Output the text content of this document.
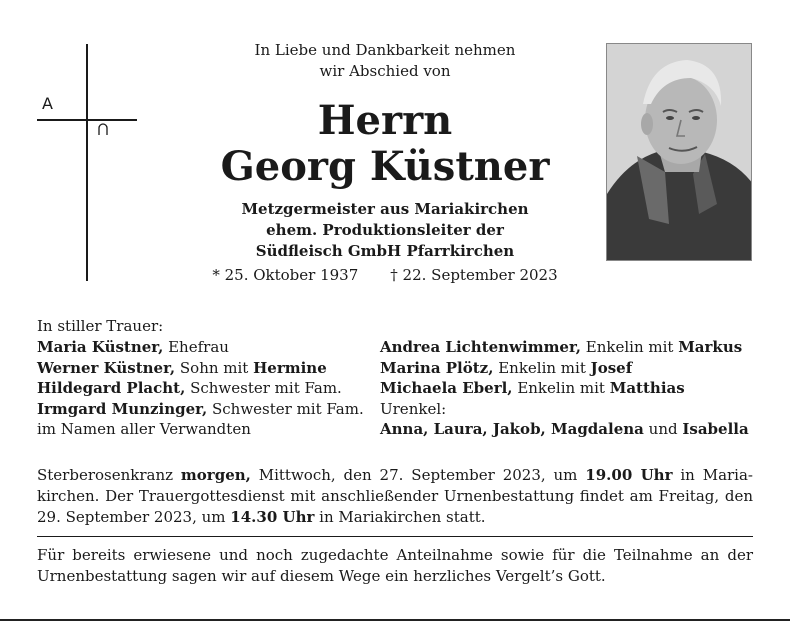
A
In Liebe und Dankbarkeit nehmen
wir Abschied von
Herrn
Georg Küstner
Metzgermeister aus Mariakirchen
ehem. Produktionsleiter der
Südfleisch GmbH Pfarrkirchen
* 25. Oktober 1937 † 22. September 2023
In stiller Trauer:
Maria Küstner, Ehefrau
Werner Küstner, Sohn mit Hermine
Hildegard Placht, Schwester mit Fam.
Irmgard Munzinger, Schwester mit Fam.
im Namen aller Verwandten
Andrea Lichtenwimmer, Enkelin mit Markus
Marina Plötz, Enkelin mit Josef
Michaela Eberl, Enkelin mit Matthias
Urenkel:
Anna, Laura, Jakob, Magdalena und Isabella
Sterberosenkranz morgen, Mittwoch, den 27. September 2023, um 19.00 Uhr in Maria-kirchen. Der Trauergottesdienst mit anschließender Urnenbestattung findet am Freitag, den 29. September 2023, um 14.30 Uhr in Mariakirchen statt.
Für bereits erwiesene und noch zugedachte Anteilnahme sowie für die Teilnahme an der Urnenbestattung sagen wir auf diesem Wege ein herzliches Vergelt’s Gott.
